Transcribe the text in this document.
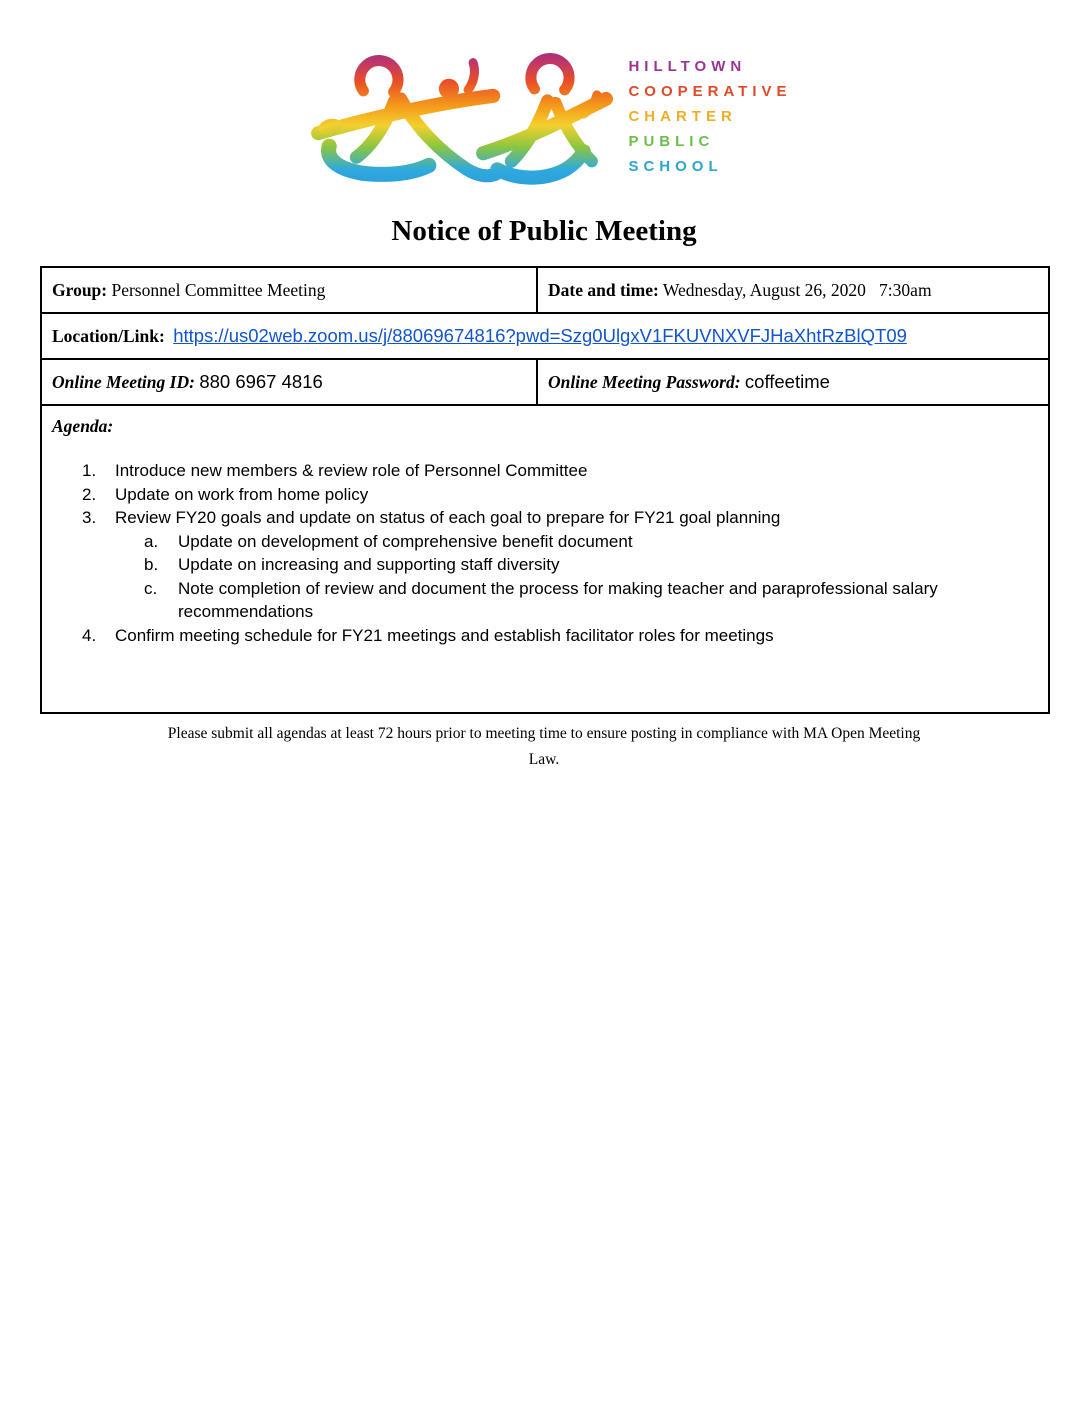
HILLTOWN
COOPERATIVE
CHARTER
PUBLIC
SCHOOL
Notice of Public Meeting
Group: Personnel Committee Meeting	Date and time: Wednesday, August 26, 2020   7:30am
Location/Link: https://us02web.zoom.us/j/88069674816?pwd=Szg0UlgxV1FKUVNXVFJHaXhtRzBlQT09	
Online Meeting ID: 880 6967 4816	Online Meeting Password: coffeetime

Agenda:
1.	Introduce new members & review role of Personnel Committee
2.	Update on work from home policy
3.	Review FY20 goals and update on status of each goal to prepare for FY21 goal planning
a.	Update on development of comprehensive benefit document
b.	Update on increasing and supporting staff diversity
c.	Note completion of review and document the process for making teacher and paraprofessional salary recommendations
4.	Confirm meeting schedule for FY21 meetings and establish facilitator roles for meetings

Please submit all agendas at least 72 hours prior to meeting time to ensure posting in compliance with MA Open Meeting
Law.
